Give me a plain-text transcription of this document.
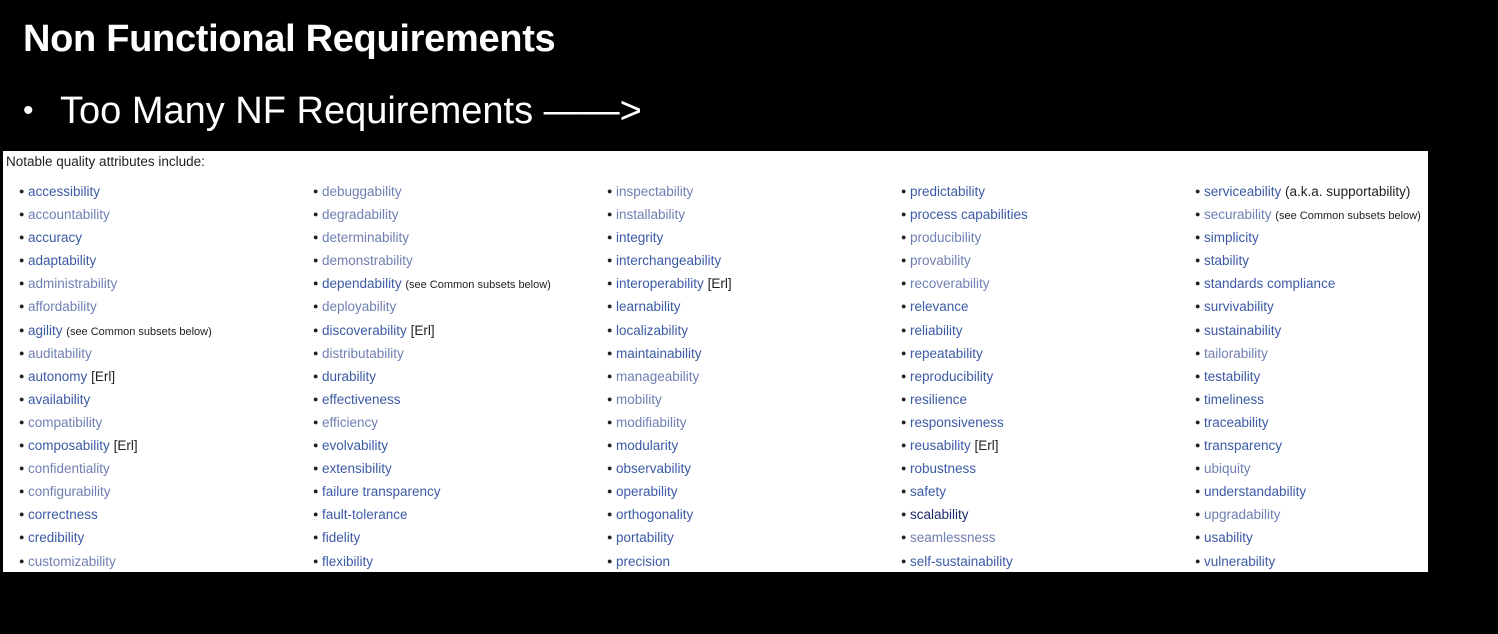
Non Functional Requirements
• Too Many NF Requirements ——>
Notable quality attributes include:
● accessibility
● accountability
● accuracy
● adaptability
● administrability
● affordability
● agility (see Common subsets below)
● auditability
● autonomy [Erl]
● availability
● compatibility
● composability [Erl]
● confidentiality
● configurability
● correctness
● credibility
● customizability
● debuggability
● degradability
● determinability
● demonstrability
● dependability (see Common subsets below)
● deployability
● discoverability [Erl]
● distributability
● durability
● effectiveness
● efficiency
● evolvability
● extensibility
● failure transparency
● fault-tolerance
● fidelity
● flexibility
● inspectability
● installability
● integrity
● interchangeability
● interoperability [Erl]
● learnability
● localizability
● maintainability
● manageability
● mobility
● modifiability
● modularity
● observability
● operability
● orthogonality
● portability
● precision
● predictability
● process capabilities
● producibility
● provability
● recoverability
● relevance
● reliability
● repeatability
● reproducibility
● resilience
● responsiveness
● reusability [Erl]
● robustness
● safety
● scalability
● seamlessness
● self-sustainability
● serviceability (a.k.a. supportability)
● securability (see Common subsets below)
● simplicity
● stability
● standards compliance
● survivability
● sustainability
● tailorability
● testability
● timeliness
● traceability
● transparency
● ubiquity
● understandability
● upgradability
● usability
● vulnerability
